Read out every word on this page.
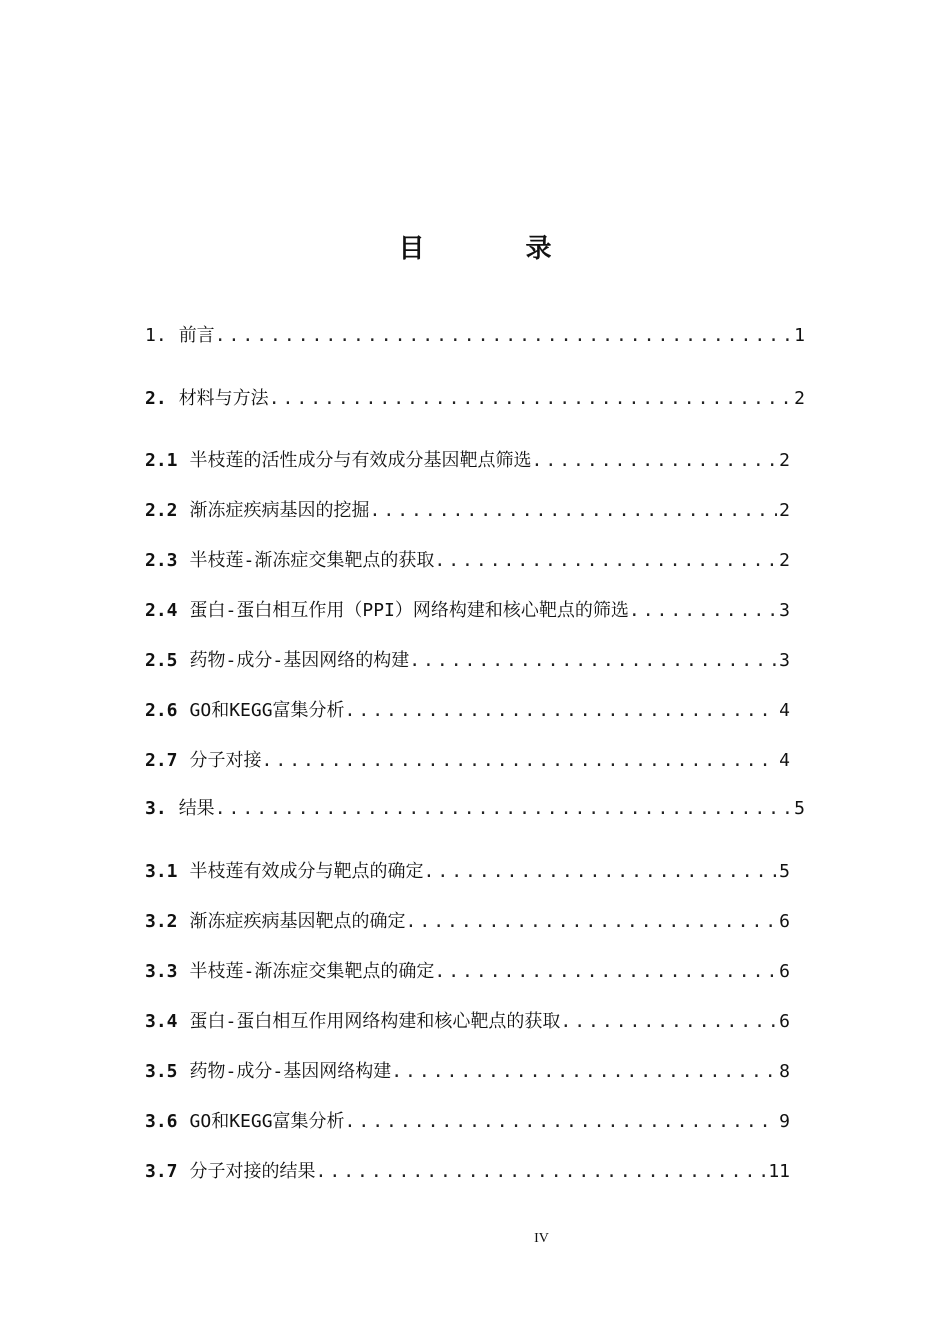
目 录
1. 前言 .....	1
2. 材料与方法 .....	2
2.1 半枝莲的活性成分与有效成分基因靶点筛选 .....	2
2.2 渐冻症疾病基因的挖掘 .....	2
2.3 半枝莲-渐冻症交集靶点的获取 .....	2
2.4 蛋白-蛋白相互作用（PPI）网络构建和核心靶点的筛选 .....	3
2.5 药物-成分-基因网络的构建 .....	3
2.6 GO和KEGG富集分析 .....	4
2.7 分子对接 .....	4
3. 结果 .....	5
3.1 半枝莲有效成分与靶点的确定 .....	5
3.2 渐冻症疾病基因靶点的确定 .....	6
3.3 半枝莲-渐冻症交集靶点的确定 .....	6
3.4 蛋白-蛋白相互作用网络构建和核心靶点的获取 .....	6
3.5 药物-成分-基因网络构建 .....	8
3.6 GO和KEGG富集分析 .....	9
3.7 分子对接的结果 .....	11
IV
